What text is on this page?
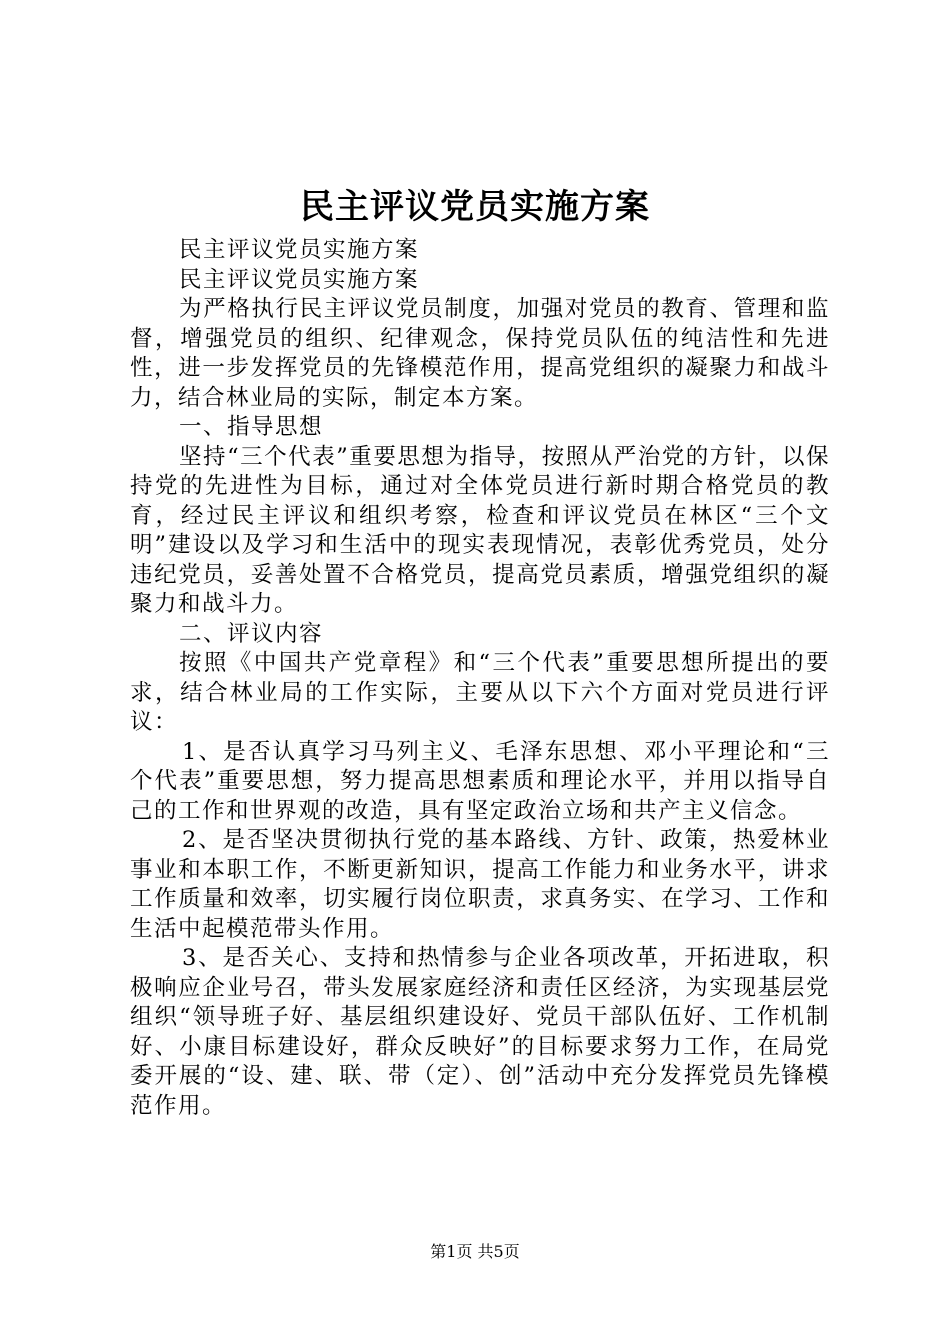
民主评议党员实施方案

民主评议党员实施方案

民主评议党员实施方案

为严格执行民主评议党员制度，加强对党员的教育、管理和监督，增强党员的组织、纪律观念，保持党员队伍的纯洁性和先进性，进一步发挥党员的先锋模范作用，提高党组织的凝聚力和战斗力，结合林业局的实际，制定本方案。

一、指导思想

坚持“三个代表”重要思想为指导，按照从严治党的方针，以保持党的先进性为目标，通过对全体党员进行新时期合格党员的教育，经过民主评议和组织考察，检查和评议党员在林区“三个文明”建设以及学习和生活中的现实表现情况，表彰优秀党员，处分违纪党员，妥善处置不合格党员，提高党员素质，增强党组织的凝聚力和战斗力。

二、评议内容

按照《中国共产党章程》和“三个代表”重要思想所提出的要求，结合林业局的工作实际，主要从以下六个方面对党员进行评议：

1、是否认真学习马列主义、毛泽东思想、邓小平理论和“三个代表”重要思想，努力提高思想素质和理论水平，并用以指导自己的工作和世界观的改造，具有坚定政治立场和共产主义信念。

2、是否坚决贯彻执行党的基本路线、方针、政策，热爱林业事业和本职工作，不断更新知识，提高工作能力和业务水平，讲求工作质量和效率，切实履行岗位职责，求真务实、在学习、工作和生活中起模范带头作用。

3、是否关心、支持和热情参与企业各项改革，开拓进取，积极响应企业号召，带头发展家庭经济和责任区经济，为实现基层党组织“领导班子好、基层组织建设好、党员干部队伍好、工作机制好、小康目标建设好，群众反映好”的目标要求努力工作，在局党委开展的“设、建、联、带（定）、创”活动中充分发挥党员先锋模范作用。

第1页 共5页
